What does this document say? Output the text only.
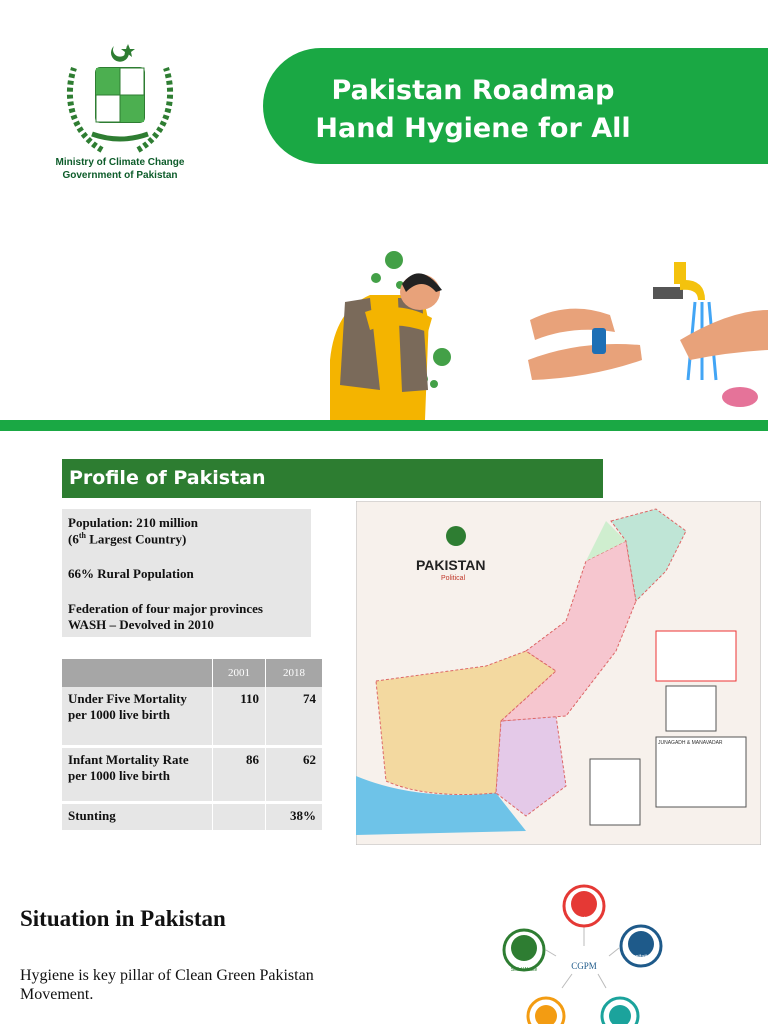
Ministry of Climate Change
Government of Pakistan
Pakistan Roadmap
Hand Hygiene for All
Profile of Pakistan
Population: 210 million
(6th Largest Country)
66% Rural Population
Federation of four major provinces
WASH – Devolved in 2010
	2001	2018

Under Five Mortality
per 1000 live birth	110	74

Infant Mortality Rate
per 1000 live birth	86	62

Stunting		38%
PAKISTAN
Political
JUNAGADH & MANAVADAR
Situation in Pakistan
Hygiene is key pillar of Clean Green Pakistan Movement.
Hygiene
Sanitation
Solid Waste	CGPM
